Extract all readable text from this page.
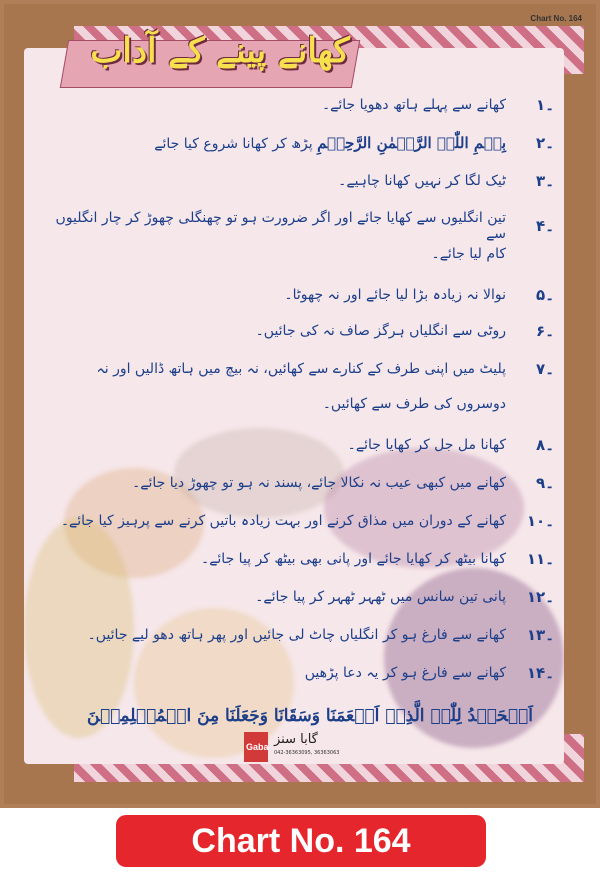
کھانے پینے کے آداب
Chart No. 164
۱۔
کھانے سے پہلے ہاتھ دھویا جائے۔
۲۔
بِسۡمِ اللّٰہِ الرَّحۡمٰنِ الرَّحِیۡمِ پڑھ کر کھانا شروع کیا جائے
۳۔
ٹیک لگا کر نہیں کھانا چاہیے۔
۴۔
تین انگلیوں سے کھایا جائے اور اگر ضرورت ہو تو چھنگلی چھوڑ کر چار انگلیوں سے
کام لیا جائے۔
۵۔
نوالا نہ زیادہ بڑا لیا جائے اور نہ چھوٹا۔
۶۔
روٹی سے انگلیاں ہرگز صاف نہ کی جائیں۔
۷۔
پلیٹ میں اپنی طرف کے کنارے سے کھائیں، نہ بیچ میں ہاتھ ڈالیں اور نہ
دوسروں کی طرف سے کھائیں۔
۸۔
کھانا مل جل کر کھایا جائے۔
۹۔
کھانے میں کبھی عیب نہ نکالا جائے، پسند نہ ہو تو چھوڑ دیا جائے۔
۱۰۔
کھانے کے دوران میں مذاق کرنے اور بہت زیادہ باتیں کرنے سے پرہیز کیا جائے۔
۱۱۔
کھانا بیٹھ کر کھایا جائے اور پانی بھی بیٹھ کر پیا جائے۔
۱۲۔
پانی تین سانس میں ٹھہر ٹھہر کر پیا جائے۔
۱۳۔
کھانے سے فارغ ہو کر انگلیاں چاٹ لی جائیں اور پھر ہاتھ دھو لیے جائیں۔
۱۴۔
کھانے سے فارغ ہو کر یہ دعا پڑھیں
اَلۡحَمۡدُ لِلّٰہِ الَّذِیۡ اَطۡعَمَنَا وَسَقَانَا وَجَعَلَنَا مِنَ الۡمُسۡلِمِیۡنَ
Gaba گابا سنز
042-36363095, 36363063
Chart No. 164
